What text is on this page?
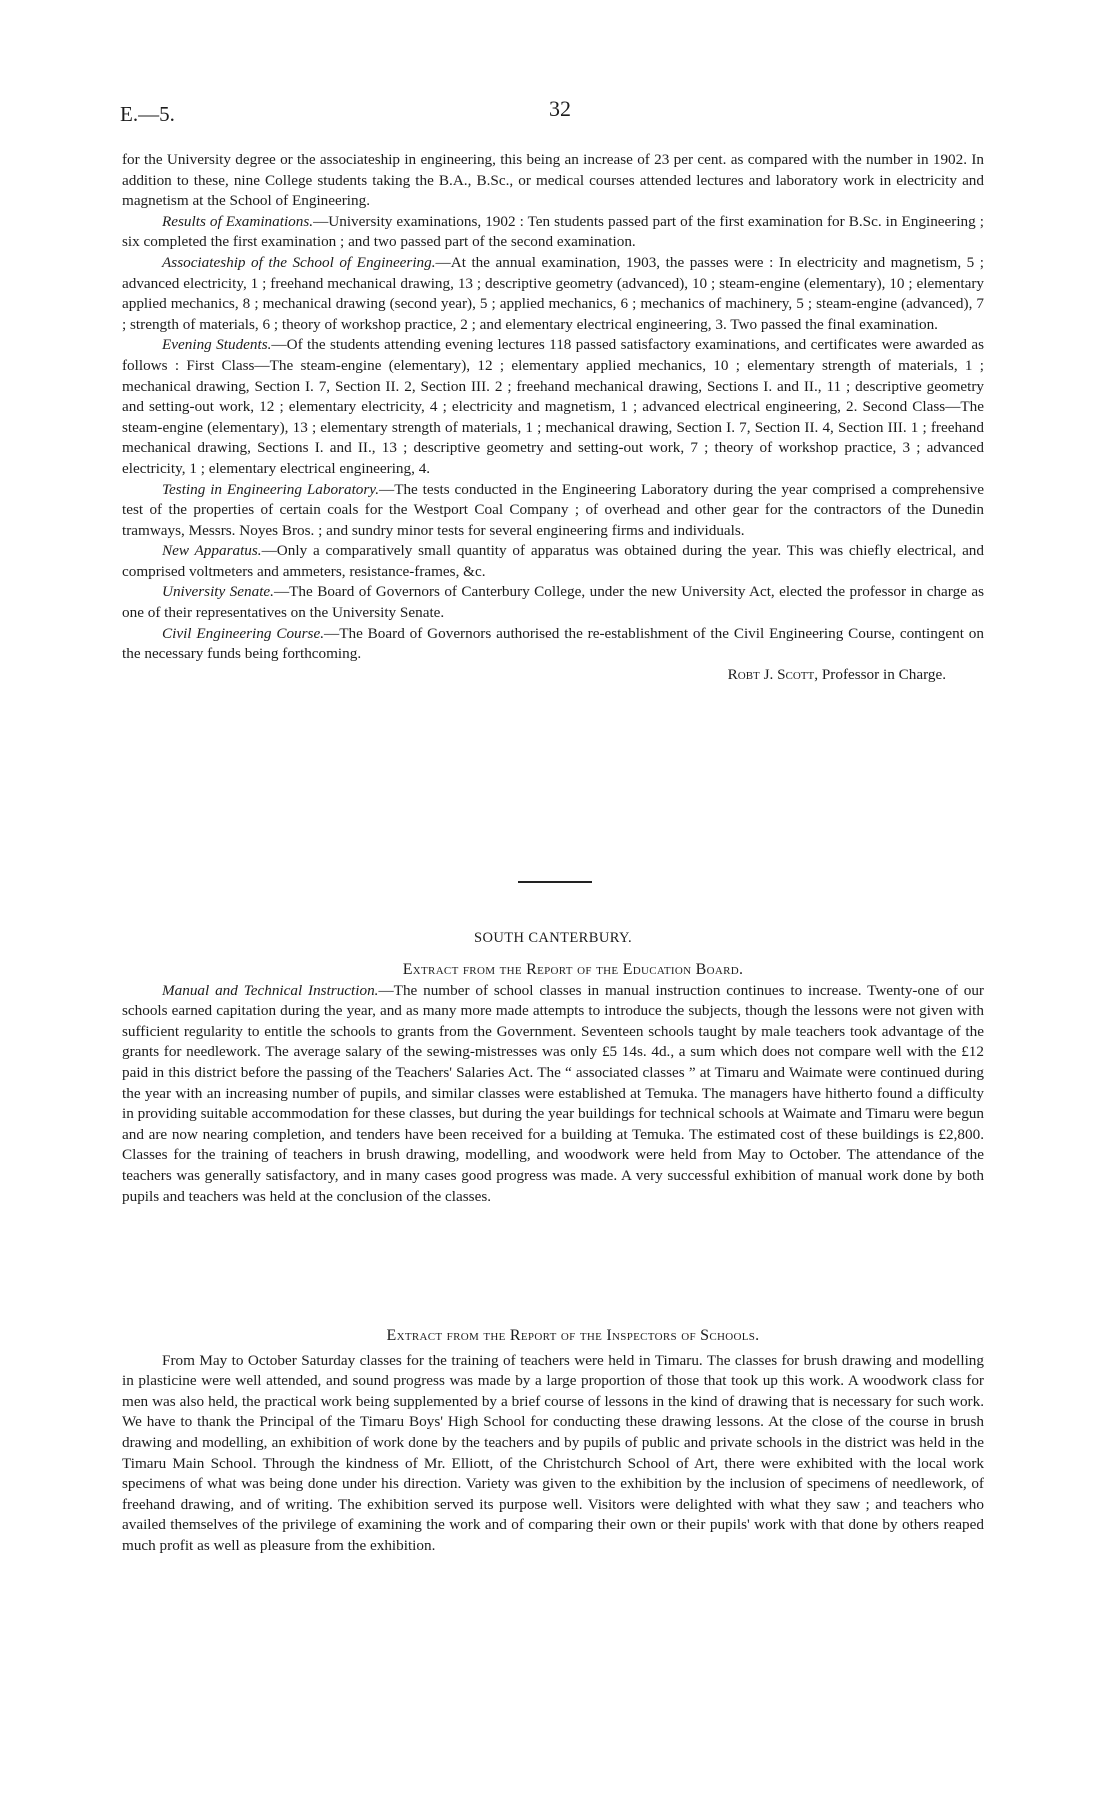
E.—5.	32

for the University degree or the associateship in engineering, this being an increase of 23 per cent. as compared with the number in 1902. In addition to these, nine College students taking the B.A., B.Sc., or medical courses attended lectures and laboratory work in electricity and magnetism at the School of Engineering.

Results of Examinations.—University examinations, 1902 : Ten students passed part of the first examination for B.Sc. in Engineering ; six completed the first examination ; and two passed part of the second examination.

Associateship of the School of Engineering.—At the annual examination, 1903, the passes were : In electricity and magnetism, 5 ; advanced electricity, 1 ; freehand mechanical drawing, 13 ; descriptive geometry (advanced), 10 ; steam-engine (elementary), 10 ; elementary applied mechanics, 8 ; mechanical drawing (second year), 5 ; applied mechanics, 6 ; mechanics of machinery, 5 ; steam-engine (advanced), 7 ; strength of materials, 6 ; theory of workshop practice, 2 ; and elementary electrical engineering, 3. Two passed the final examination.

Evening Students.—Of the students attending evening lectures 118 passed satisfactory examinations, and certificates were awarded as follows : First Class—The steam-engine (elementary), 12 ; elementary applied mechanics, 10 ; elementary strength of materials, 1 ; mechanical drawing, Section I. 7, Section II. 2, Section III. 2 ; freehand mechanical drawing, Sections I. and II., 11 ; descriptive geometry and setting-out work, 12 ; elementary electricity, 4 ; electricity and magnetism, 1 ; advanced electrical engineering, 2. Second Class—The steam-engine (elementary), 13 ; elementary strength of materials, 1 ; mechanical drawing, Section I. 7, Section II. 4, Section III. 1 ; freehand mechanical drawing, Sections I. and II., 13 ; descriptive geometry and setting-out work, 7 ; theory of workshop practice, 3 ; advanced electricity, 1 ; elementary electrical engineering, 4.

Testing in Engineering Laboratory.—The tests conducted in the Engineering Laboratory during the year comprised a comprehensive test of the properties of certain coals for the Westport Coal Company ; of overhead and other gear for the contractors of the Dunedin tramways, Messrs. Noyes Bros. ; and sundry minor tests for several engineering firms and individuals.

New Apparatus.—Only a comparatively small quantity of apparatus was obtained during the year. This was chiefly electrical, and comprised voltmeters and ammeters, resistance-frames, &c.

University Senate.—The Board of Governors of Canterbury College, under the new University Act, elected the professor in charge as one of their representatives on the University Senate.

Civil Engineering Course.—The Board of Governors authorised the re-establishment of the Civil Engineering Course, contingent on the necessary funds being forthcoming.

Robt J. Scott, Professor in Charge.

SOUTH CANTERBURY.

Extract from the Report of the Education Board.

Manual and Technical Instruction.—The number of school classes in manual instruction continues to increase. Twenty-one of our schools earned capitation during the year, and as many more made attempts to introduce the subjects, though the lessons were not given with sufficient regularity to entitle the schools to grants from the Government. Seventeen schools taught by male teachers took advantage of the grants for needlework. The average salary of the sewing-mistresses was only £5 14s. 4d., a sum which does not compare well with the £12 paid in this district before the passing of the Teachers' Salaries Act. The “ associated classes ” at Timaru and Waimate were continued during the year with an increasing number of pupils, and similar classes were established at Temuka. The managers have hitherto found a difficulty in providing suitable accommodation for these classes, but during the year buildings for technical schools at Waimate and Timaru were begun and are now nearing completion, and tenders have been received for a building at Temuka. The estimated cost of these buildings is £2,800. Classes for the training of teachers in brush drawing, modelling, and woodwork were held from May to October. The attendance of the teachers was generally satisfactory, and in many cases good progress was made. A very successful exhibition of manual work done by both pupils and teachers was held at the conclusion of the classes.

Extract from the Report of the Inspectors of Schools.

From May to October Saturday classes for the training of teachers were held in Timaru. The classes for brush drawing and modelling in plasticine were well attended, and sound progress was made by a large proportion of those that took up this work. A woodwork class for men was also held, the practical work being supplemented by a brief course of lessons in the kind of drawing that is necessary for such work. We have to thank the Principal of the Timaru Boys' High School for conducting these drawing lessons. At the close of the course in brush drawing and modelling, an exhibition of work done by the teachers and by pupils of public and private schools in the district was held in the Timaru Main School. Through the kindness of Mr. Elliott, of the Christchurch School of Art, there were exhibited with the local work specimens of what was being done under his direction. Variety was given to the exhibition by the inclusion of specimens of needlework, of freehand drawing, and of writing. The exhibition served its purpose well. Visitors were delighted with what they saw ; and teachers who availed themselves of the privilege of examining the work and of comparing their own or their pupils' work with that done by others reaped much profit as well as pleasure from the exhibition.
